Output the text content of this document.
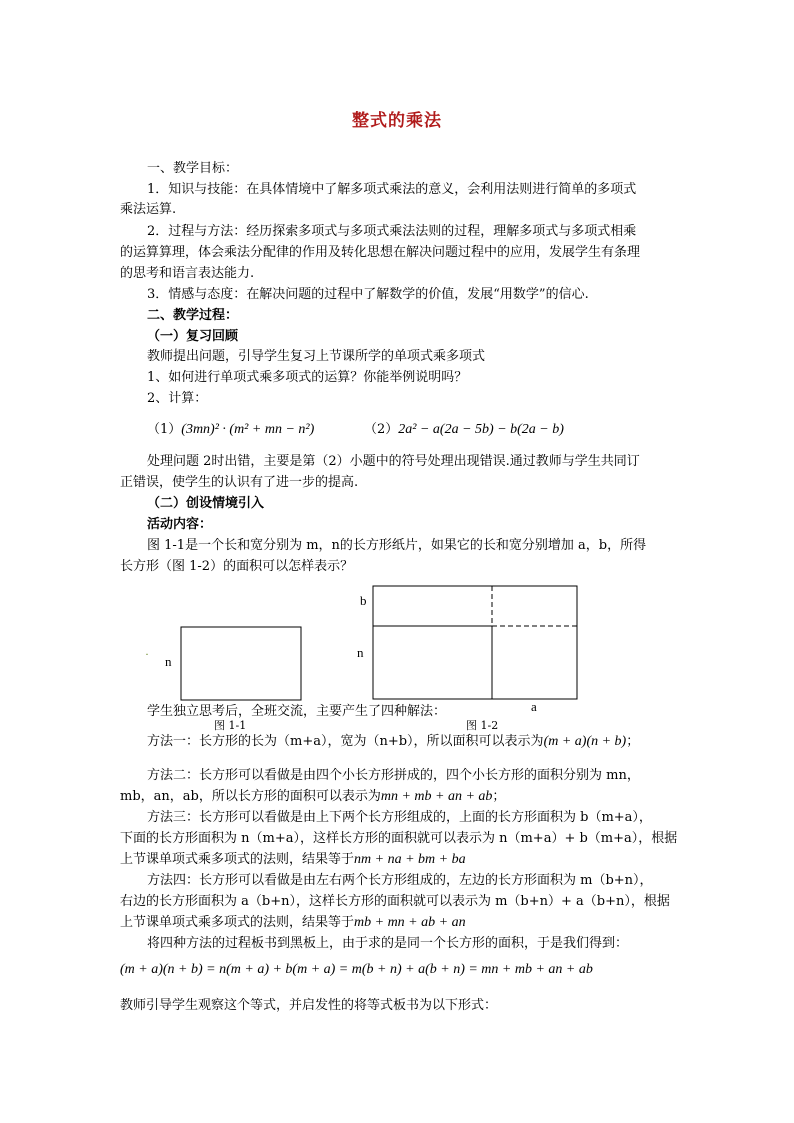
整式的乘法
一、教学目标：
1．知识与技能：在具体情境中了解多项式乘法的意义，会利用法则进行简单的多项式
乘法运算.
2．过程与方法：经历探索多项式与多项式乘法法则的过程，理解多项式与多项式相乘
的运算算理，体会乘法分配律的作用及转化思想在解决问题过程中的应用，发展学生有条理
的思考和语言表达能力.
3．情感与态度：在解决问题的过程中了解数学的价值，发展“用数学”的信心.
二、教学过程：
（一）复习回顾
教师提出问题，引导学生复习上节课所学的单项式乘多项式
1、如何进行单项式乘多项式的运算？你能举例说明吗？
2、计算：
（1）(3mn)² · (m² + mn − n²)	（2）2a² − a(2a − 5b) − b(2a − b)
处理问题 2时出错，主要是第（2）小题中的符号处理出现错误.通过教师与学生共同订
正错误，使学生的认识有了进一步的提高.
（二）创设情境引入
活动内容：
图 1-1是一个长和宽分别为 m，n的长方形纸片，如果它的长和宽分别增加 a，b，所得
长方形（图 1-2）的面积可以怎样表示？
n
·
b
n
a
学生独立思考后，全班交流，主要产生了四种解法：
图 1-1	图 1-2
方法一：长方形的长为（m+a），宽为（n+b），所以面积可以表示为(m + a)(n + b)；
方法二：长方形可以看做是由四个小长方形拼成的，四个小长方形的面积分别为 mn，
mb，an，ab，所以长方形的面积可以表示为mn + mb + an + ab；
方法三：长方形可以看做是由上下两个长方形组成的，上面的长方形面积为 b（m+a），
下面的长方形面积为 n（m+a），这样长方形的面积就可以表示为 n（m+a）+ b（m+a），根据
上节课单项式乘多项式的法则，结果等于nm + na + bm + ba
方法四：长方形可以看做是由左右两个长方形组成的，左边的长方形面积为 m（b+n），
右边的长方形面积为 a（b+n），这样长方形的面积就可以表示为 m（b+n）+ a（b+n），根据
上节课单项式乘多项式的法则，结果等于mb + mn + ab + an
将四种方法的过程板书到黑板上，由于求的是同一个长方形的面积，于是我们得到：
(m + a)(n + b) = n(m + a) + b(m + a) = m(b + n) + a(b + n) = mn + mb + an + ab
教师引导学生观察这个等式，并启发性的将等式板书为以下形式：
